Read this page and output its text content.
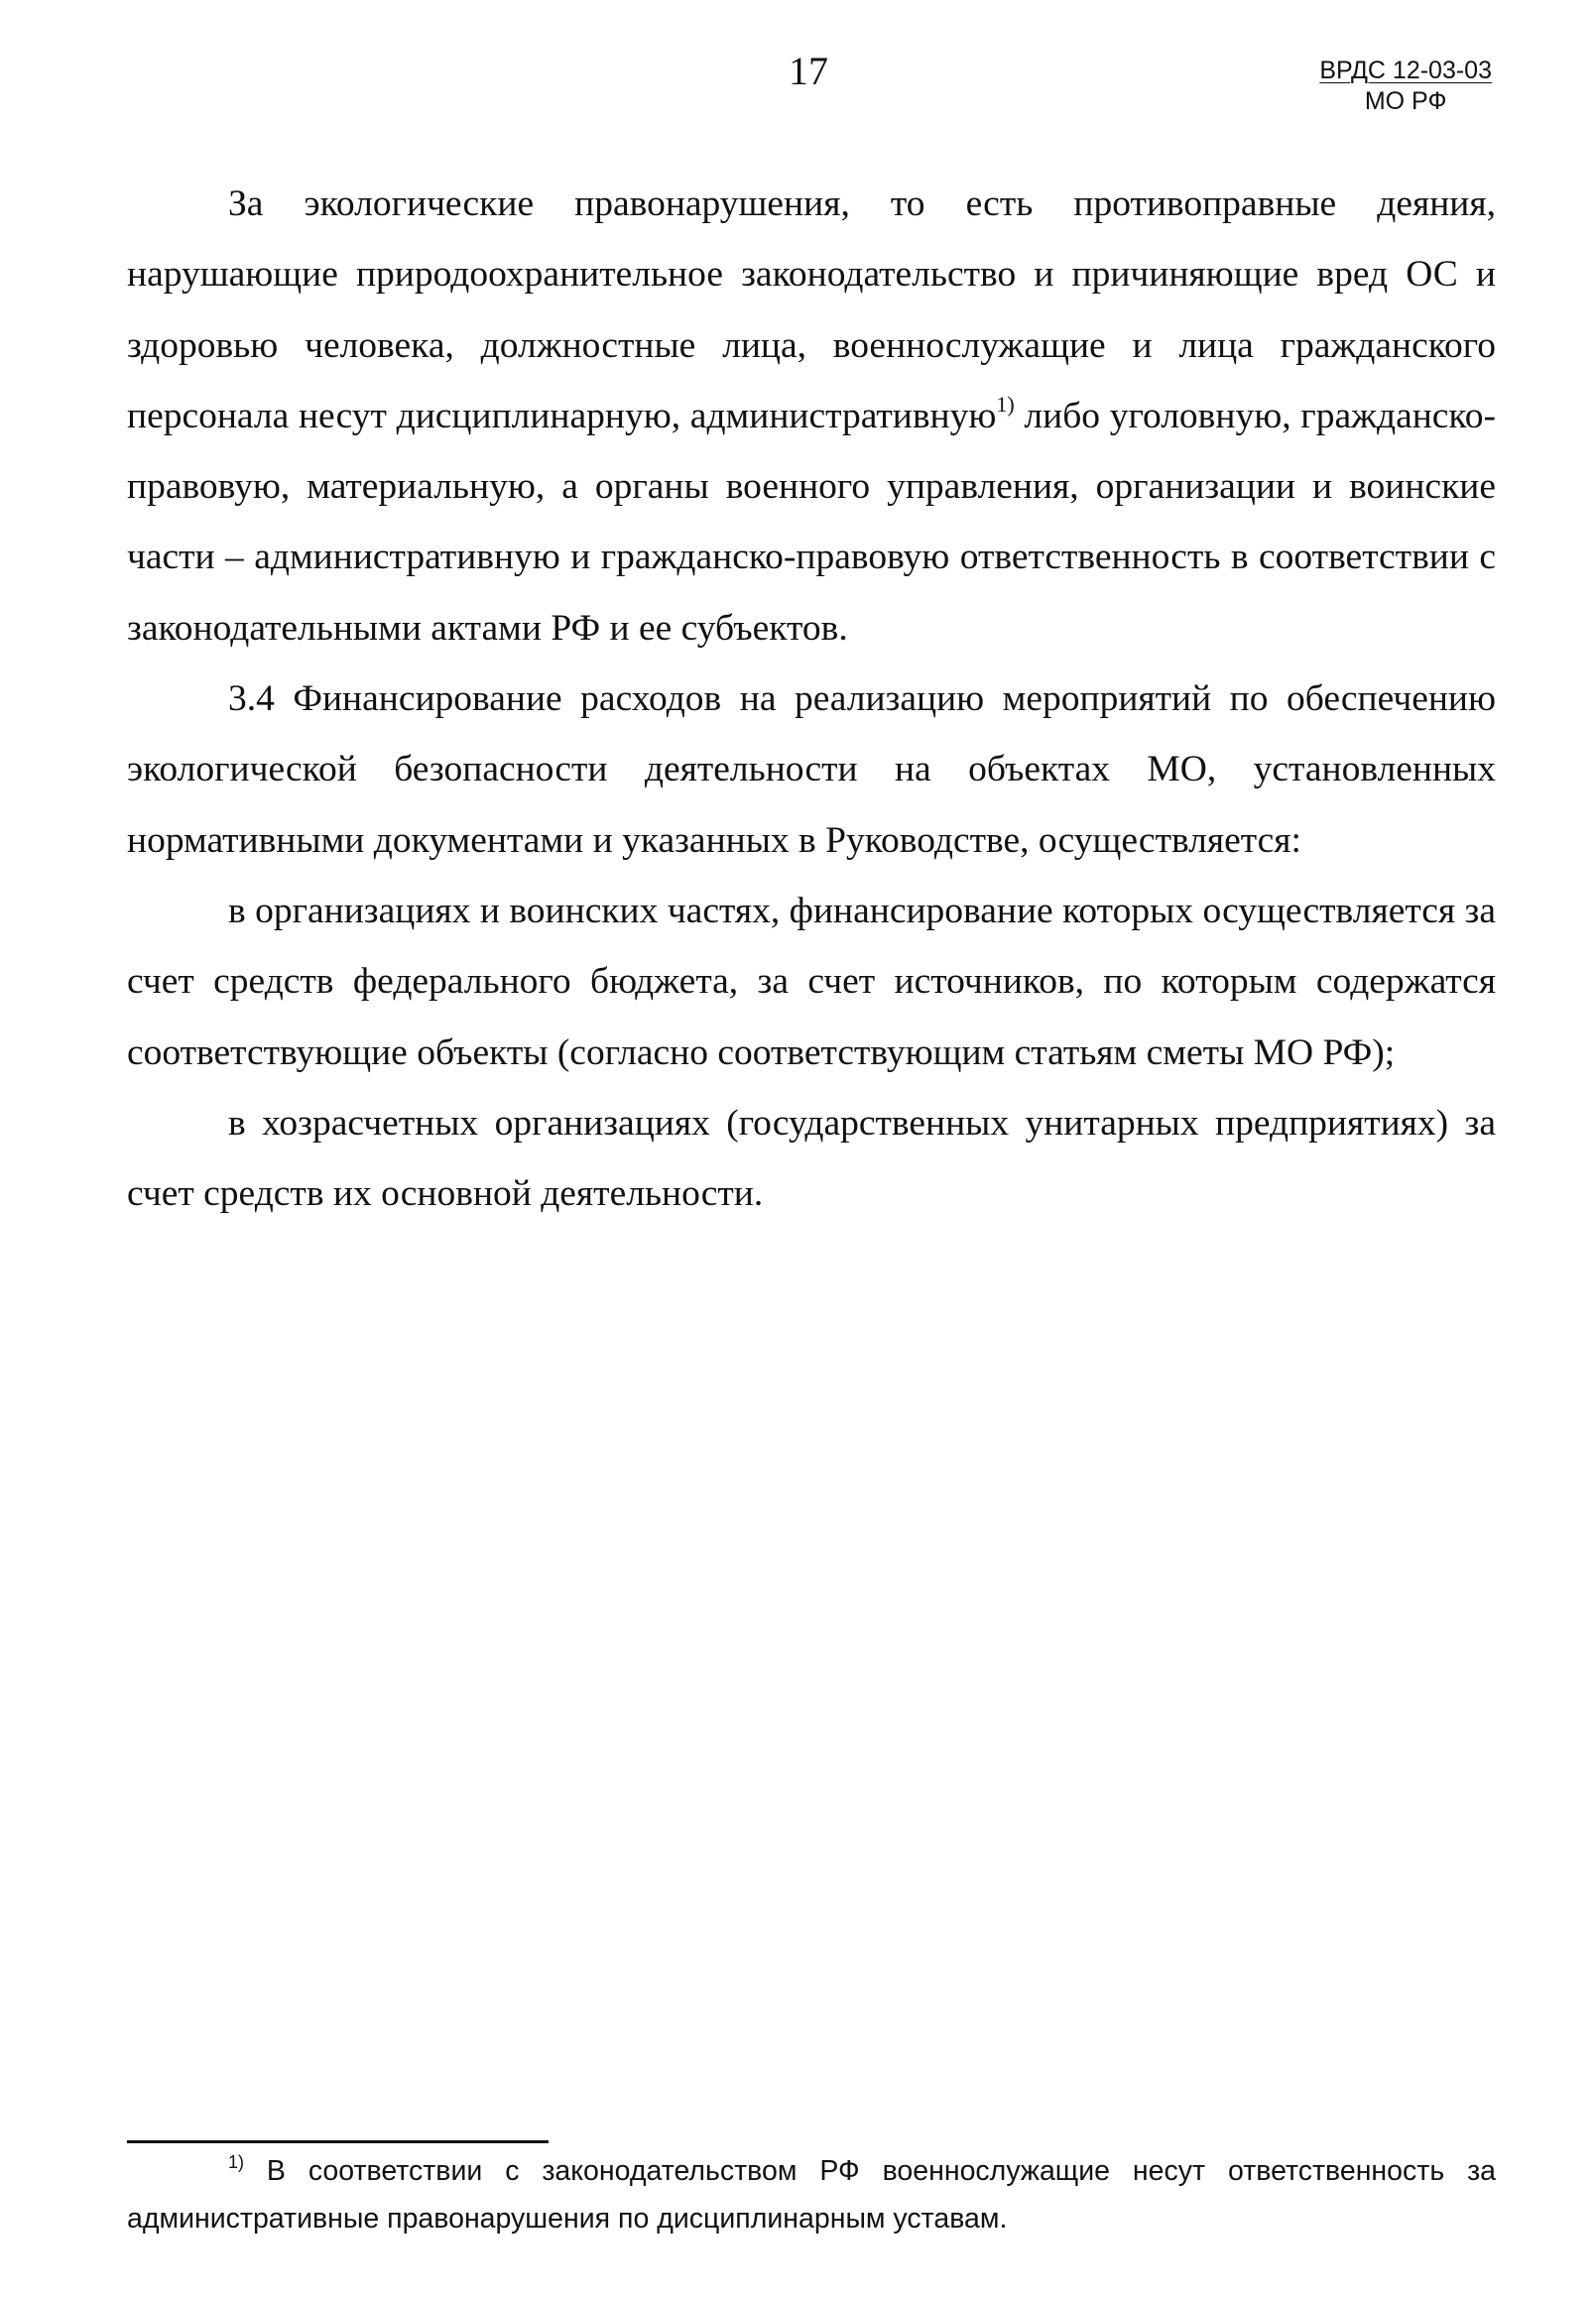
17	ВРДС 12-03-03
МО РФ

За экологические правонарушения, то есть противоправные деяния, нарушающие природоохранительное законодательство и причиняющие вред ОС и здоровью человека, должностные лица, военнослужащие и лица гражданского персонала несут дисциплинарную, административную$^{1)}$ либо уголовную, гражданско-правовую, материальную, а органы военного управления, организации и воинские части – административную и гражданско-правовую ответственность в соответствии с законодательными актами РФ и ее субъектов.

3.4 Финансирование расходов на реализацию мероприятий по обеспечению экологической безопасности деятельности на объектах МО, установленных нормативными документами и указанных в Руководстве, осуществляется:

в организациях и воинских частях, финансирование которых осуществляется за счет средств федерального бюджета, за счет источников, по которым содержатся соответствующие объекты (согласно соответствующим статьям сметы МО РФ);

в хозрасчетных организациях (государственных унитарных предприятиях) за счет средств их основной деятельности.

$^{1)}$ В соответствии с законодательством РФ военнослужащие несут ответственность за административные правонарушения по дисциплинарным уставам.
